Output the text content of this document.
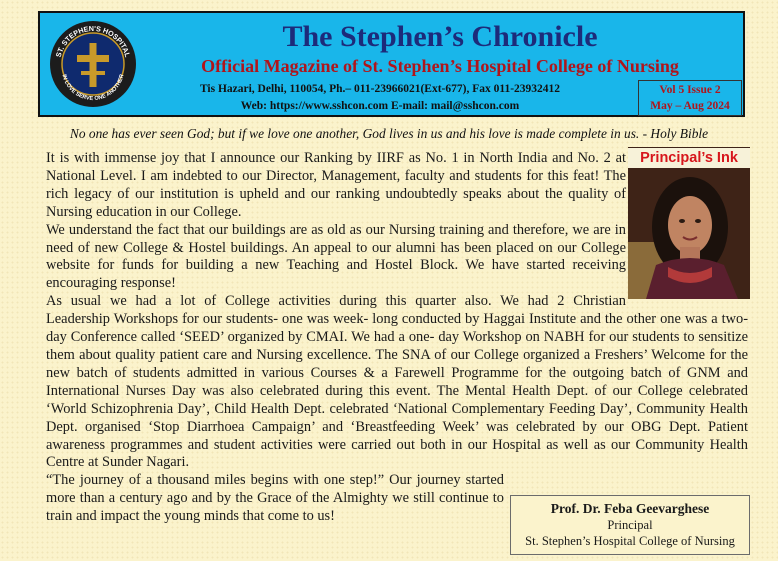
ST. STEPHEN'S HOSPITAL
IN LOVE SERVE ONE ANOTHER
The Stephen’s Chronicle
Official Magazine of St. Stephen’s Hospital College of Nursing
Tis Hazari, Delhi, 110054, Ph.– 011-23966021(Ext-677), Fax 011-23932412
Web: https://www.sshcon.com E-mail: mail@sshcon.com
Vol 5 Issue 2
May – Aug 2024
No one has ever seen God; but if we love one another, God lives in us and his love is made complete in us. - Holy Bible
Principal’s Ink

It is with immense joy that I announce our Ranking by IIRF as No. 1 in North India and No. 2 at National Level. I am indebted to our Director, Management, faculty and students for this feat! The rich legacy of our institution is upheld and our ranking undoubtedly speaks about the quality of Nursing education in our College.

We understand the fact that our buildings are as old as our Nursing training and therefore, we are in need of new College & Hostel buildings. An appeal to our alumni has been placed on our College website for funds for building a new Teaching and Hostel Block. We have started receiving encouraging response!

As usual we had a lot of College activities during this quarter also. We had 2 Christian

Leadership Workshops for our students- one was week- long conducted by Haggai Institute and the other one was a two- day Conference called ‘SEED’ organized by CMAI. We had a one- day Workshop on NABH for our students to sensitize them about quality patient care and Nursing excellence. The SNA of our College organized a Freshers’ Welcome for the new batch of students admitted in various Courses & a Farewell Programme for the outgoing batch of GNM and International Nurses Day was also celebrated during this event. The Mental Health Dept. of our College celebrated ‘World Schizophrenia Day’, Child Health Dept. celebrated ‘National Complementary Feeding Day’, Community Health Dept. organised ‘Stop Diarrhoea Campaign’ and ‘Breastfeeding Week’ was celebrated by our OBG Dept. Patient awareness programmes and student activities were carried out both in our Hospital as well as our Community Health Centre at Sunder Nagari.

“The journey of a thousand miles begins with one step!” Our journey started more than a century ago and by the Grace of the Almighty we still continue to train and impact the young minds that come to us!	Prof. Dr. Feba Geevarghese
Principal
St. Stephen’s Hospital College of Nursing
